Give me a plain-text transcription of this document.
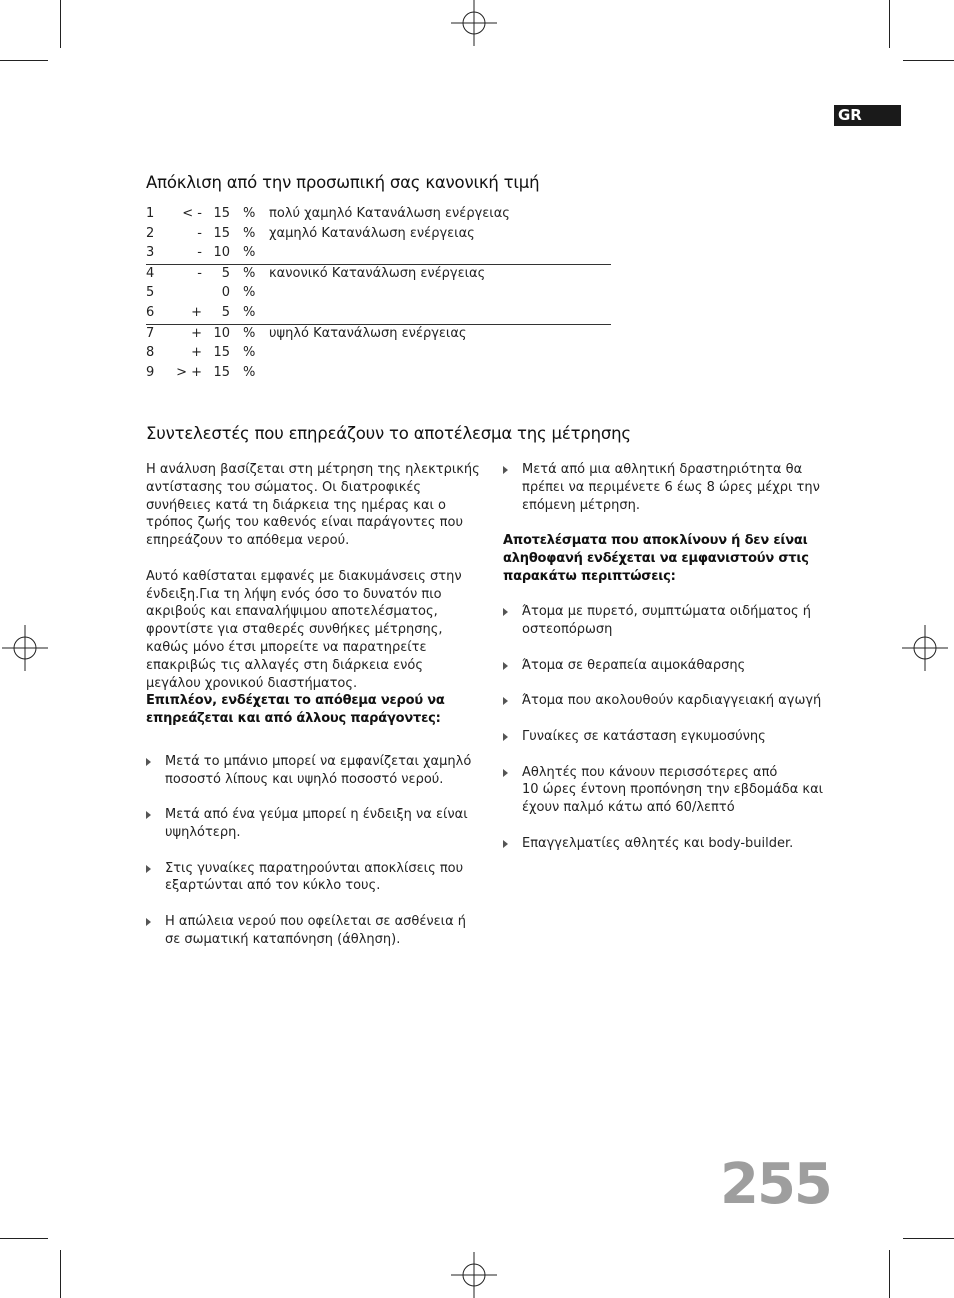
GR
Απόκλιση από την προσωπική σας κανονική τιμή
1 < - 15 % πολύ χαμηλό Κατανάλωση ενέργειας
2	- 15 % χαμηλό Κατανάλωση ενέργειας
3	- 10 %
4	- 5 % κανονικό Κατανάλωση ενέργειας
5	0 %
6	+ 5 %
7	+ 10 % υψηλό Κατανάλωση ενέργειας
8	+ 15 %
9 > + 15 %
Συντελεστές που επηρεάζουν το αποτέλεσμα της μέτρησης

Η ανάλυση βασίζεται στη μέτρηση της ηλεκτρικής

αντίστασης του σώματος. Οι διατροφικές

συνήθειες κατά τη διάρκεια της ημέρας και ο

τρόπος ζωής του καθενός είναι παράγοντες που

επηρεάζουν το απόθεμα νερού.

Αυτό καθίσταται εμφανές με διακυμάνσεις στην

ένδειξη.Για τη λήψη ενός όσο το δυνατόν πιο

ακριβούς και επαναλήψιμου αποτελέσματος,

φροντίστε για σταθερές συνθήκες μέτρησης,

καθώς μόνο έτσι μπορείτε να παρατηρείτε

επακριβώς τις αλλαγές στη διάρκεια ενός

μεγάλου χρονικού διαστήματος.

Επιπλέον, ενδέχεται το απόθεμα νερού να

επηρεάζεται και από άλλους παράγοντες:

Μετά το μπάνιο μπορεί να εμφανίζεται χαμηλό

ποσοστό λίπους και υψηλό ποσοστό νερού.

Μετά από ένα γεύμα μπορεί η ένδειξη να είναι

υψηλότερη.

Στις γυναίκες παρατηρούνται αποκλίσεις που

εξαρτώνται από τον κύκλο τους.

Η απώλεια νερού που οφείλεται σε ασθένεια ή

σε σωματική καταπόνηση (άθληση).

Μετά από μια αθλητική δραστηριότητα θα

πρέπει να περιμένετε 6 έως 8 ώρες μέχρι την

επόμενη μέτρηση.

Αποτελέσματα που αποκλίνουν ή δεν είναι

αληθοφανή ενδέχεται να εμφανιστούν στις

παρακάτω περιπτώσεις:

Άτομα με πυρετό, συμπτώματα οιδήματος ή

οστεοπόρωση

Άτομα σε θεραπεία αιμοκάθαρσης

Άτομα που ακολουθούν καρδιαγγειακή αγωγή

Γυναίκες σε κατάσταση εγκυμοσύνης

Αθλητές που κάνουν περισσότερες από

10 ώρες έντονη προπόνηση την εβδομάδα και

έχουν παλμό κάτω από 60/λεπτό

Επαγγελματίες αθλητές και body-builder.

255
